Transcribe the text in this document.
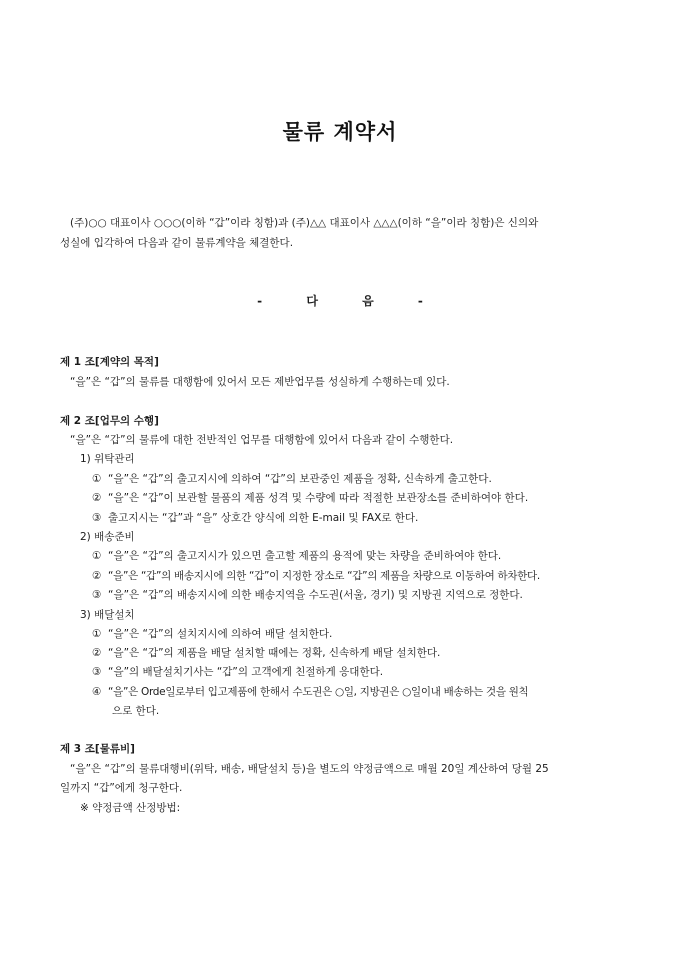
물류 계약서
(주)○○ 대표이사 ○○○(이하 “갑”이라 칭함)과 (주)△△ 대표이사 △△△(이하 “을”이라 칭함)은 신의와
성실에 입각하여 다음과 같이 물류계약을 체결한다.
- 다 음 -
제 1 조[계약의 목적]
“을”은 “갑”의 물류를 대행함에 있어서 모든 제반업무를 성실하게 수행하는데 있다.
제 2 조[업무의 수행]
“을”은 “갑”의 물류에 대한 전반적인 업무를 대행함에 있어서 다음과 같이 수행한다.
1) 위탁관리
① “을”은 “갑”의 출고지시에 의하여 “갑”의 보관중인 제품을 정확, 신속하게 출고한다.
② “을”은 “갑”이 보관할 물품의 제품 성격 및 수량에 따라 적절한 보관장소를 준비하여야 한다.
③ 출고지시는 “갑”과 “을” 상호간 양식에 의한 E-mail 및 FAX로 한다.
2) 배송준비
① “을”은 “갑”의 출고지시가 있으면 출고할 제품의 용적에 맞는 차량을 준비하여야 한다.
② “을”은 “갑”의 배송지시에 의한 “갑”이 지정한 장소로 “갑”의 제품을 차량으로 이동하여 하차한다.
③ “을”은 “갑”의 배송지시에 의한 배송지역을 수도권(서울, 경기) 및 지방권 지역으로 정한다.
3) 배달설치
① “을”은 “갑”의 설치지시에 의하여 배달 설치한다.
② “을”은 “갑”의 제품을 배달 설치할 때에는 정확, 신속하게 배달 설치한다.
③ “을”의 배달설치기사는 “갑”의 고객에게 친절하게 응대한다.
④ “을”은 Orde일로부터 입고제품에 한해서 수도권은 ○일, 지방권은 ○일이내 배송하는 것을 원칙
으로 한다.
제 3 조[물류비]
“을”은 “갑”의 물류대행비(위탁, 배송, 배달설치 등)을 별도의 약정금액으로 매월 20일 계산하여 당월 25
일까지 “갑”에게 청구한다.
※ 약정금액 산정방법:
